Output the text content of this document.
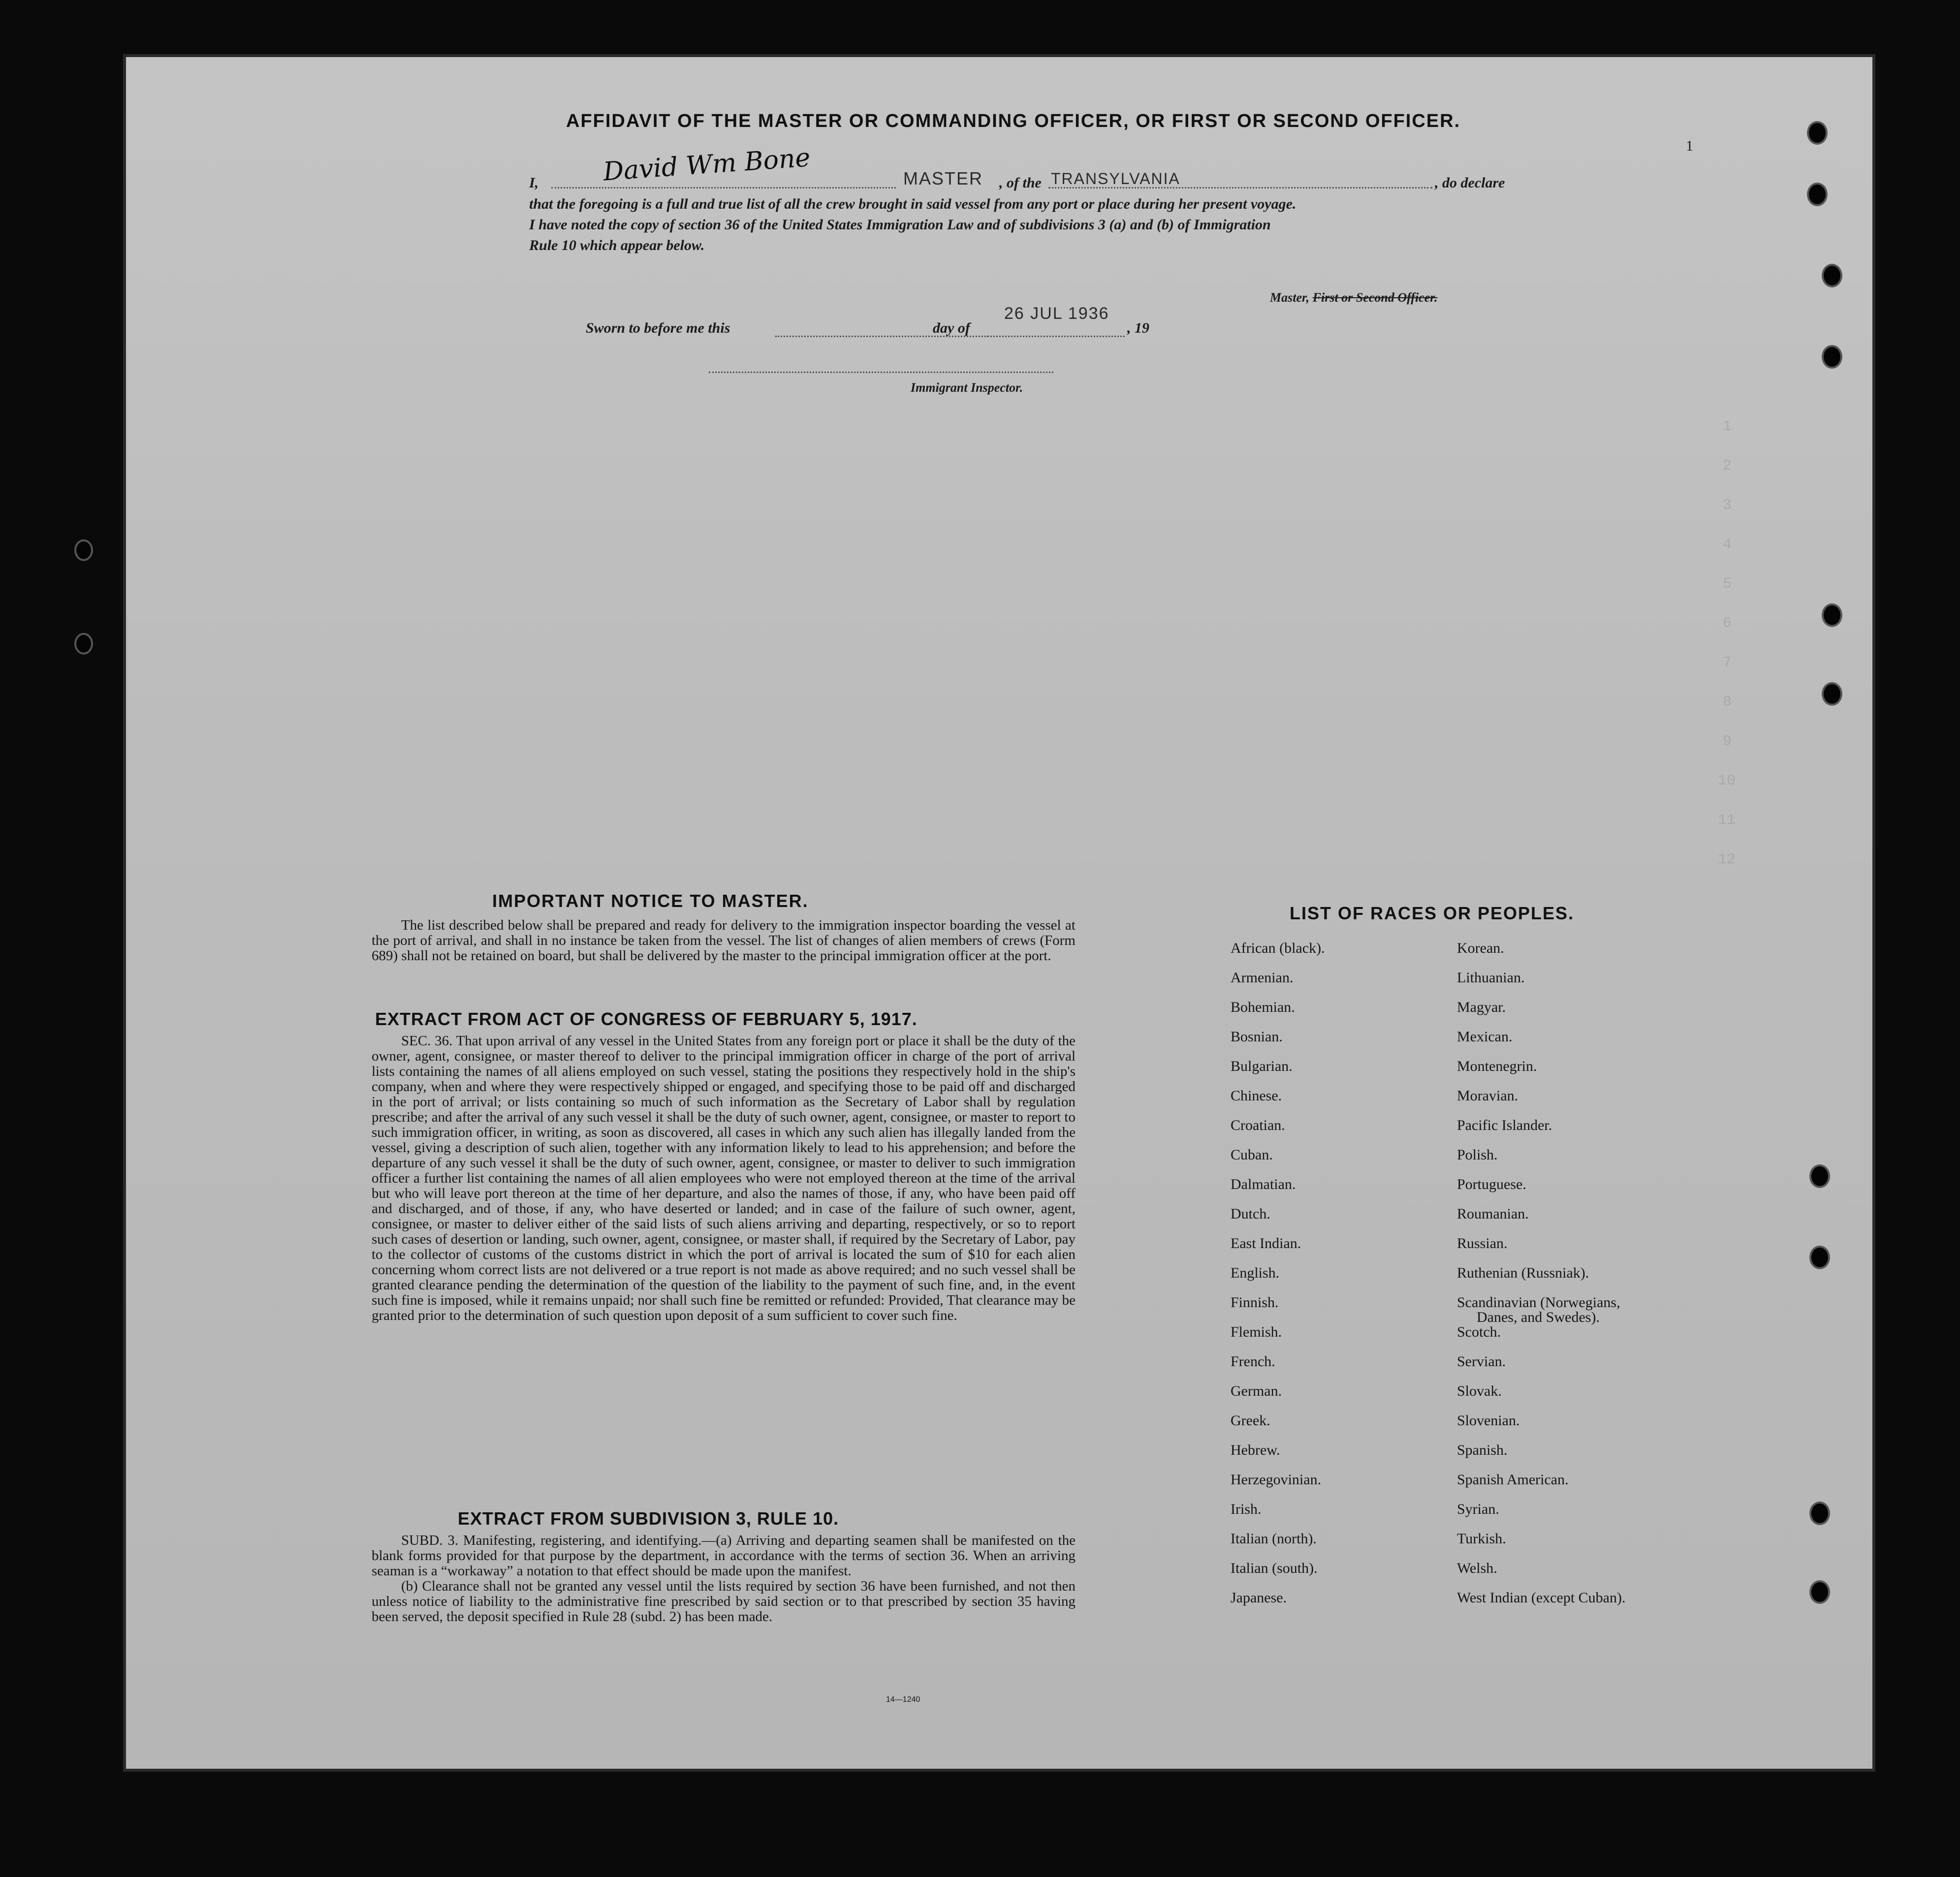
1
2
3
4
5
6
7
8
9
10
11
12
1
AFFIDAVIT OF THE MASTER OR COMMANDING OFFICER, OR FIRST OR SECOND OFFICER.
I, David Wm Bone	MASTER , of the TRANSYLVANIA	, do declare
that the foregoing is a full and true list of all the crew brought in said vessel from any port or place during her present voyage.
I have noted the copy of section 36 of the United States Immigration Law and of subdivisions 3 (a) and (b) of Immigration
Rule 10 which appear below.
Master, First or Second Officer.
Sworn to before me this	day of
26 JUL 1936
, 19
Immigrant Inspector.
IMPORTANT NOTICE TO MASTER.

The list described below shall be prepared and ready for delivery to the immigration inspector boarding the vessel at the port of arrival, and shall in no instance be taken from the vessel. The list of changes of alien members of crews (Form 689) shall not be retained on board, but shall be delivered by the master to the principal immigration officer at the port.

EXTRACT FROM ACT OF CONGRESS OF FEBRUARY 5, 1917.

SEC. 36. That upon arrival of any vessel in the United States from any foreign port or place it shall be the duty of the owner, agent, consignee, or master thereof to deliver to the principal immigration officer in charge of the port of arrival lists containing the names of all aliens employed on such vessel, stating the positions they respectively hold in the ship's company, when and where they were respectively shipped or engaged, and specifying those to be paid off and discharged in the port of arrival; or lists containing so much of such information as the Secretary of Labor shall by regulation prescribe; and after the arrival of any such vessel it shall be the duty of such owner, agent, consignee, or master to report to such immigration officer, in writing, as soon as discovered, all cases in which any such alien has illegally landed from the vessel, giving a description of such alien, together with any information likely to lead to his apprehension; and before the departure of any such vessel it shall be the duty of such owner, agent, consignee, or master to deliver to such immigration officer a further list containing the names of all alien employees who were not employed thereon at the time of the arrival but who will leave port thereon at the time of her departure, and also the names of those, if any, who have been paid off and discharged, and of those, if any, who have deserted or landed; and in case of the failure of such owner, agent, consignee, or master to deliver either of the said lists of such aliens arriving and departing, respectively, or so to report such cases of desertion or landing, such owner, agent, consignee, or master shall, if required by the Secretary of Labor, pay to the collector of customs of the customs district in which the port of arrival is located the sum of $10 for each alien concerning whom correct lists are not delivered or a true report is not made as above required; and no such vessel shall be granted clearance pending the determination of the question of the liability to the payment of such fine, and, in the event such fine is imposed, while it remains unpaid; nor shall such fine be remitted or refunded: Provided, That clearance may be granted prior to the determination of such question upon deposit of a sum sufficient to cover such fine.

EXTRACT FROM SUBDIVISION 3, RULE 10.

SUBD. 3. Manifesting, registering, and identifying.—(a) Arriving and departing seamen shall be manifested on the blank forms provided for that purpose by the department, in accordance with the terms of section 36. When an arriving seaman is a “workaway” a notation to that effect should be made upon the manifest.

(b) Clearance shall not be granted any vessel until the lists required by section 36 have been furnished, and not then unless notice of liability to the administrative fine prescribed by said section or to that prescribed by section 35 having been served, the deposit specified in Rule 28 (subd. 2) has been made.

14—1240
LIST OF RACES OR PEOPLES.
African (black).
Armenian.
Bohemian.
Bosnian.
Bulgarian.
Chinese.
Croatian.
Cuban.
Dalmatian.
Dutch.
East Indian.
English.
Finnish.
Flemish.
French.
German.
Greek.
Hebrew.
Herzegovinian.
Irish.
Italian (north).
Italian (south).
Japanese.
Korean.
Lithuanian.
Magyar.
Mexican.
Montenegrin.
Moravian.
Pacific Islander.
Polish.
Portuguese.
Roumanian.
Russian.
Ruthenian (Russniak).
Scandinavian (Norwegians,
Danes, and Swedes).
Scotch.
Servian.
Slovak.
Slovenian.
Spanish.
Spanish American.
Syrian.
Turkish.
Welsh.
West Indian (except Cuban).
